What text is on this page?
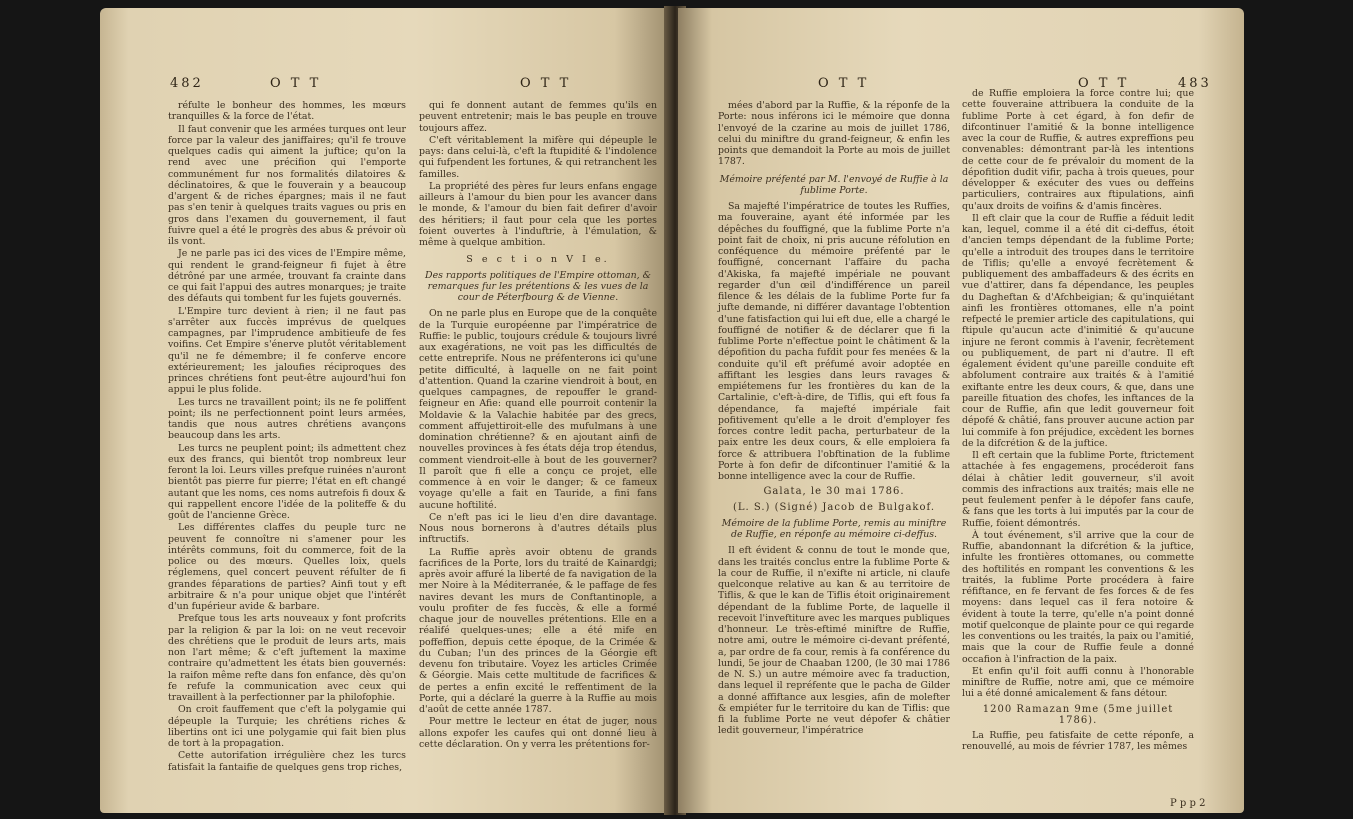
482	O T T	O T T

réfulte le bonheur des hommes, les mœurs tranquilles & la force de l'état.

Il faut convenir que les armées turques ont leur force par la valeur des janiffaires; qu'il fe trouve quelques cadis qui aiment la juftice; qu'on la rend avec une précifion qui l'emporte communément fur nos formalités dilatoires & déclinatoires, & que le fouverain y a beaucoup d'argent & de riches épargnes; mais il ne faut pas s'en tenir à quelques traits vagues ou pris en gros dans l'examen du gouvernement, il faut fuivre quel a été le progrès des abus & prévoir où ils vont.

Je ne parle pas ici des vices de l'Empire même, qui rendent le grand-feigneur fi fujet à être détrôné par une armée, trouvant fa crainte dans ce qui fait l'appui des autres monarques; je traite des défauts qui tombent fur les fujets gouvernés.

L'Empire turc devient à rien; il ne faut pas s'arrêter aux fuccès imprévus de quelques campagnes, par l'imprudence ambitieufe de fes voifins. Cet Empire s'énerve plutôt véritablement qu'il ne fe démembre; il fe conferve encore extérieurement; les jaloufies réciproques des princes chrétiens font peut-être aujourd'hui fon appui le plus folide.

Les turcs ne travaillent point; ils ne fe poliffent point; ils ne perfectionnent point leurs armées, tandis que nous autres chrétiens avançons beaucoup dans les arts.

Les turcs ne peuplent point; ils admettent chez eux des francs, qui bientôt trop nombreux leur feront la loi. Leurs villes prefque ruinées n'auront bientôt pas pierre fur pierre; l'état en eft changé autant que les noms, ces noms autrefois fi doux & qui rappellent encore l'idée de la politeffe & du goût de l'ancienne Grèce.

Les différentes claffes du peuple turc ne peuvent fe connoître ni s'amener pour les intérêts communs, foit du commerce, foit de la police ou des mœurs. Quelles loix, quels réglemens, quel concert peuvent réfulter de fi grandes féparations de parties? Ainfi tout y eft arbitraire & n'a pour unique objet que l'intérêt d'un fupérieur avide & barbare.

Prefque tous les arts nouveaux y font profcrits par la religion & par la loi: on ne veut recevoir des chrétiens que le produit de leurs arts, mais non l'art même; & c'eft juftement la maxime contraire qu'admettent les états bien gouvernés: la raifon même refte dans fon enfance, dès qu'on fe refufe la communication avec ceux qui travaillent à la perfectionner par la philofophie.

On croit fauffement que c'eft la polygamie qui dépeuple la Turquie; les chrétiens riches & libertins ont ici une polygamie qui fait bien plus de tort à la propagation.

Cette autorifation irrégulière chez les turcs fatisfait la fantaifie de quelques gens trop riches,

qui fe donnent autant de femmes qu'ils en peuvent entretenir; mais le bas peuple en trouve toujours affez.

C'eft véritablement la mifère qui dépeuple le pays: dans celui-là, c'eft la ftupidité & l'indolence qui fufpendent les fortunes, & qui retranchent les familles.

La propriété des pères fur leurs enfans engage ailleurs à l'amour du bien pour les avancer dans le monde, & l'amour du bien fait defirer d'avoir des héritiers; il faut pour cela que les portes foient ouvertes à l'induftrie, à l'émulation, & même à quelque ambition.

S e c t i o n V I e.
Des rapports politiques de l'Empire ottoman, & remarques fur les prétentions & les vues de la cour de Péterfbourg & de Vienne.

On ne parle plus en Europe que de la conquête de la Turquie européenne par l'impératrice de Ruffie: le public, toujours crédule & toujours livré aux exagérations, ne voit pas les difficultés de cette entreprife. Nous ne préfenterons ici qu'une petite difficulté, à laquelle on ne fait point d'attention. Quand la czarine viendroit à bout, en quelques campagnes, de repouffer le grand-feigneur en Afie: quand elle pourroit contenir la Moldavie & la Valachie habitée par des grecs, comment affujettiroit-elle des mufulmans à une domination chrétienne? & en ajoutant ainfi de nouvelles provinces à fes états déja trop étendus, comment viendroit-elle à bout de les gouverner? Il paroît que fi elle a conçu ce projet, elle commence à en voir le danger; & ce fameux voyage qu'elle a fait en Tauride, a fini fans aucune hoftilité.

Ce n'eft pas ici le lieu d'en dire davantage. Nous nous bornerons à d'autres détails plus inftructifs.

La Ruffie après avoir obtenu de grands facrifices de la Porte, lors du traité de Kainardgi; après avoir affuré la liberté de fa navigation de la mer Noire à la Méditerranée, & le paffage de fes navires devant les murs de Conftantinople, a voulu profiter de fes fuccès, & elle a formé chaque jour de nouvelles prétentions. Elle en a réalifé quelques-unes; elle a été mife en poffeffion, depuis cette époque, de la Crimée & du Cuban; l'un des princes de la Géorgie eft devenu fon tributaire. Voyez les articles Crimée & Géorgie. Mais cette multitude de facrifices & de pertes a enfin excité le reffentiment de la Porte, qui a déclaré la guerre à la Ruffie au mois d'août de cette année 1787.

Pour mettre le lecteur en état de juger, nous allons expofer les caufes qui ont donné lieu à cette déclaration. On y verra les prétentions for-

O T T	O T T	483

mées d'abord par la Ruffie, & la réponfe de la Porte: nous inférons ici le mémoire que donna l'envoyé de la czarine au mois de juillet 1786, celui du miniftre du grand-feigneur, & enfin les points que demandoit la Porte au mois de juillet 1787.

Mémoire préfenté par M. l'envoyé de Ruffie à la fublime Porte.

Sa majefté l'impératrice de toutes les Ruffies, ma fouveraine, ayant été informée par les dépêches du fouffigné, que la fublime Porte n'a point fait de choix, ni pris aucune réfolution en conféquence du mémoire préfenté par le fouffigné, concernant l'affaire du pacha d'Akiska, fa majefté impériale ne pouvant regarder d'un œil d'indifférence un pareil filence & les délais de la fublime Porte fur fa jufte demande, ni différer davantage l'obtention d'une fatisfaction qui lui eft due, elle a chargé le fouffigné de notifier & de déclarer que fi la fublime Porte n'effectue point le châtiment & la dépofition du pacha fufdit pour fes menées & la conduite qu'il eft préfumé avoir adoptée en affiftant les lesgies dans leurs ravages & empiétemens fur les frontières du kan de la Cartalinie, c'eft-à-dire, de Tiflis, qui eft fous fa dépendance, fa majefté impériale fait pofitivement qu'elle a le droit d'employer fes forces contre ledit pacha, perturbateur de la paix entre les deux cours, & elle emploiera fa force & attribuera l'obftination de la fublime Porte à fon defir de difcontinuer l'amitié & la bonne intelligence avec la cour de Ruffie.

Galata, le 30 mai 1786.
(L. S.) (Signé) Jacob de Bulgakof.
Mémoire de la fublime Porte, remis au miniftre de Ruffie, en réponfe au mémoire ci-deffus.

Il eft évident & connu de tout le monde que, dans les traités conclus entre la fublime Porte & la cour de Ruffie, il n'exifte ni article, ni claufe quelconque relative au kan & au territoire de Tiflis, & que le kan de Tiflis étoit originairement dépendant de la fublime Porte, de laquelle il recevoit l'inveftiture avec les marques publiques d'honneur. Le très-eftimé miniftre de Ruffie, notre ami, outre le mémoire ci-devant préfenté, a, par ordre de fa cour, remis à fa conférence du lundi, 5e jour de Chaaban 1200, (le 30 mai 1786 de N. S.) un autre mémoire avec fa traduction, dans lequel il repréfente que le pacha de Gilder a donné affiftance aux lesgies, afin de molefter & empiéter fur le territoire du kan de Tiflis: que fi la fublime Porte ne veut dépofer & châtier ledit gouverneur, l'impératrice

de Ruffie emploiera la force contre lui; que cette fouveraine attribuera la conduite de la fublime Porte à cet égard, à fon defir de difcontinuer l'amitié & la bonne intelligence avec la cour de Ruffie, & autres expreffions peu convenables: démontrant par-là les intentions de cette cour de fe prévaloir du moment de la dépofition dudit vifir, pacha à trois queues, pour développer & exécuter des vues ou deffeins particuliers, contraires aux ftipulations, ainfi qu'aux droits de voifins & d'amis fincères.

Il eft clair que la cour de Ruffie a féduit ledit kan, lequel, comme il a été dit ci-deffus, étoit d'ancien temps dépendant de la fublime Porte; qu'elle a introduit des troupes dans le territoire de Tiflis; qu'elle a envoyé fecrètement & publiquement des ambaffadeurs & des écrits en vue d'attirer, dans fa dépendance, les peuples du Dagheftan & d'Afchbeigian; & qu'inquiétant ainfi les frontières ottomanes, elle n'a point refpecté le premier article des capitulations, qui ftipule qu'aucun acte d'inimitié & qu'aucune injure ne feront commis à l'avenir, fecrètement ou publiquement, de part ni d'autre. Il eft également évident qu'une pareille conduite eft abfolument contraire aux traités & à l'amitié exiftante entre les deux cours, & que, dans une pareille fituation des chofes, les inftances de la cour de Ruffie, afin que ledit gouverneur foit dépofé & châtié, fans prouver aucune action par lui commife à fon préjudice, excèdent les bornes de la difcrétion & de la juftice.

Il eft certain que la fublime Porte, ftrictement attachée à fes engagemens, procéderoit fans délai à châtier ledit gouverneur, s'il avoit commis des infractions aux traités; mais elle ne peut feulement penfer à le dépofer fans caufe, & fans que les torts à lui imputés par la cour de Ruffie, foient démontrés.

À tout événement, s'il arrive que la cour de Ruffie, abandonnant la difcrétion & la juftice, infulte les frontières ottomanes, ou commette des hoftilités en rompant les conventions & les traités, la fublime Porte procédera à faire réfiftance, en fe fervant de fes forces & de fes moyens: dans lequel cas il fera notoire & évident à toute la terre, qu'elle n'a point donné motif quelconque de plainte pour ce qui regarde les conventions ou les traités, la paix ou l'amitié, mais que la cour de Ruffie feule a donné occafion à l'infraction de la paix.

Et enfin qu'il foit auffi connu à l'honorable miniftre de Ruffie, notre ami, que ce mémoire lui a été donné amicalement & fans détour.

1200 Ramazan 9me (5me juillet 1786).

La Ruffie, peu fatisfaite de cette réponfe, a renouvellé, au mois de février 1787, les mêmes

P p p 2
